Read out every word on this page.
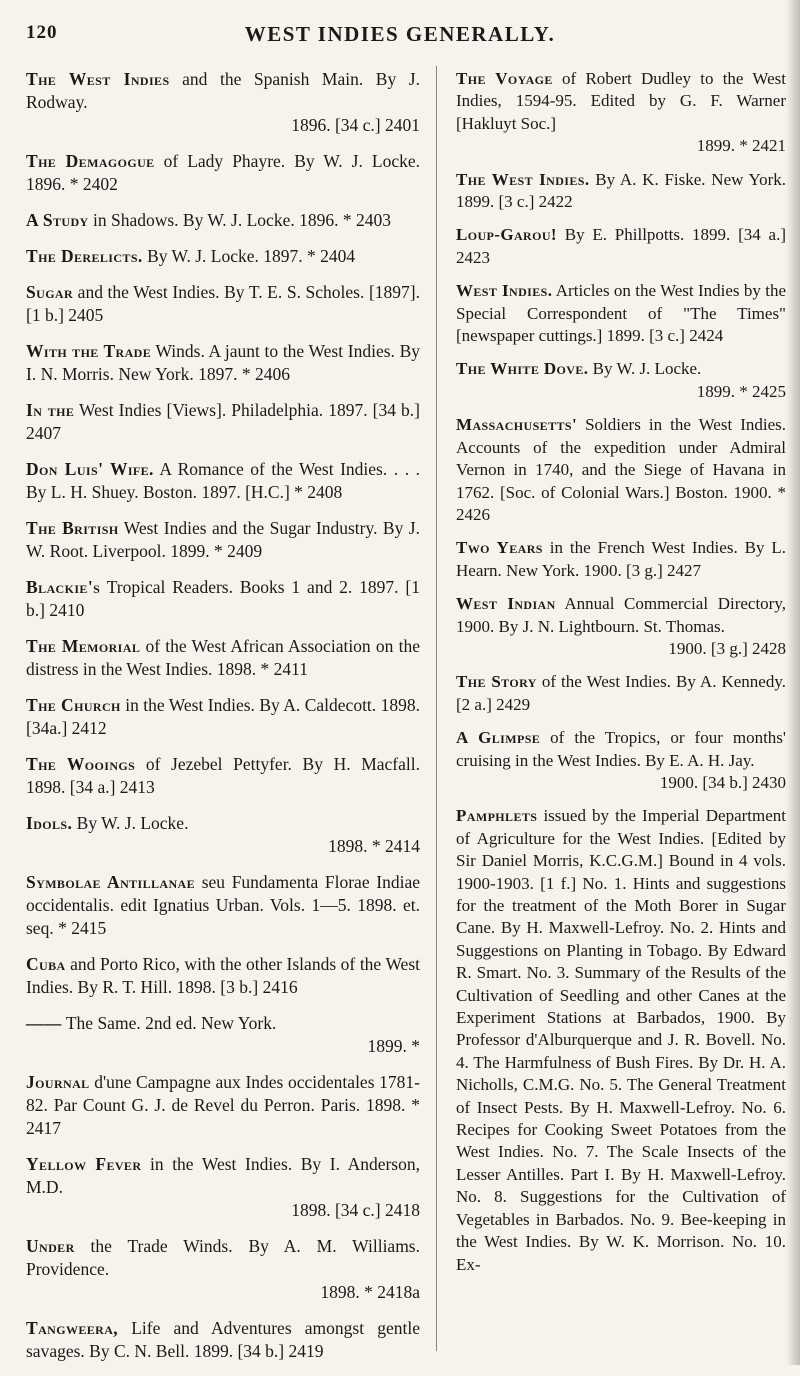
120	WEST INDIES GENERALLY.
The West Indies and the Spanish Main. By J. Rodway.
1896. [34 c.] 2401
The Demagogue of Lady Phayre. By W. J. Locke. 1896. * 2402
A Study in Shadows. By W. J. Locke. 1896. * 2403
The Derelicts. By W. J. Locke. 1897. * 2404
Sugar and the West Indies. By T. E. S. Scholes. [1897]. [1 b.] 2405
With the Trade Winds. A jaunt to the West Indies. By I. N. Morris. New York. 1897. * 2406
In the West Indies [Views]. Philadelphia. 1897. [34 b.] 2407
Don Luis' Wife. A Romance of the West Indies. . . . By L. H. Shuey. Boston. 1897. [H.C.] * 2408
The British West Indies and the Sugar Industry. By J. W. Root. Liverpool. 1899. * 2409
Blackie's Tropical Readers. Books 1 and 2. 1897. [1 b.] 2410
The Memorial of the West African Association on the distress in the West Indies. 1898. * 2411
The Church in the West Indies. By A. Caldecott. 1898. [34a.] 2412
The Wooings of Jezebel Pettyfer. By H. Macfall. 1898. [34 a.] 2413
Idols. By W. J. Locke.
1898. * 2414
Symbolae Antillanae seu Fundamenta Florae Indiae occidentalis. edit Ignatius Urban. Vols. 1—5. 1898. et. seq. * 2415
Cuba and Porto Rico, with the other Islands of the West Indies. By R. T. Hill. 1898. [3 b.] 2416
—— The Same. 2nd ed. New York.
1899. *
Journal d'une Campagne aux Indes occidentales 1781-82. Par Count G. J. de Revel du Perron. Paris. 1898. * 2417
Yellow Fever in the West Indies. By I. Anderson, M.D.
1898. [34 c.] 2418
Under the Trade Winds. By A. M. Williams. Providence.
1898. * 2418a
Tangweera, Life and Adventures amongst gentle savages. By C. N. Bell. 1899. [34 b.] 2419
The Voyage of Robert Dudley to the West Indies, 1594-95. Edited by G. F. Warner [Hakluyt Soc.]
1899. * 2421
The West Indies. By A. K. Fiske. New York. 1899. [3 c.] 2422
Loup-Garou! By E. Phillpotts. 1899. [34 a.] 2423
West Indies. Articles on the West Indies by the Special Correspondent of "The Times" [newspaper cuttings.] 1899. [3 c.] 2424
The White Dove. By W. J. Locke.
1899. * 2425
Massachusetts' Soldiers in the West Indies. Accounts of the expedition under Admiral Vernon in 1740, and the Siege of Havana in 1762. [Soc. of Colonial Wars.] Boston. 1900. * 2426
Two Years in the French West Indies. By L. Hearn. New York. 1900. [3 g.] 2427
West Indian Annual Commercial Directory, 1900. By J. N. Lightbourn. St. Thomas.
1900. [3 g.] 2428
The Story of the West Indies. By A. Kennedy. [2 a.] 2429
A Glimpse of the Tropics, or four months' cruising in the West Indies. By E. A. H. Jay.
1900. [34 b.] 2430
Pamphlets issued by the Imperial Department of Agriculture for the West Indies. [Edited by Sir Daniel Morris, K.C.G.M.] Bound in 4 vols. 1900-1903. [1 f.] No. 1. Hints and suggestions for the treatment of the Moth Borer in Sugar Cane. By H. Maxwell-Lefroy. No. 2. Hints and Suggestions on Planting in Tobago. By Edward R. Smart. No. 3. Summary of the Results of the Cultivation of Seedling and other Canes at the Experiment Stations at Barbados, 1900. By Professor d'Alburquerque and J. R. Bovell. No. 4. The Harmfulness of Bush Fires. By Dr. H. A. Nicholls, C.M.G. No. 5. The General Treatment of Insect Pests. By H. Maxwell-Lefroy. No. 6. Recipes for Cooking Sweet Potatoes from the West Indies. No. 7. The Scale Insects of the Lesser Antilles. Part I. By H. Maxwell-Lefroy. No. 8. Suggestions for the Cultivation of Vegetables in Barbados. No. 9. Bee-keeping in the West Indies. By W. K. Morrison. No. 10. Ex-
